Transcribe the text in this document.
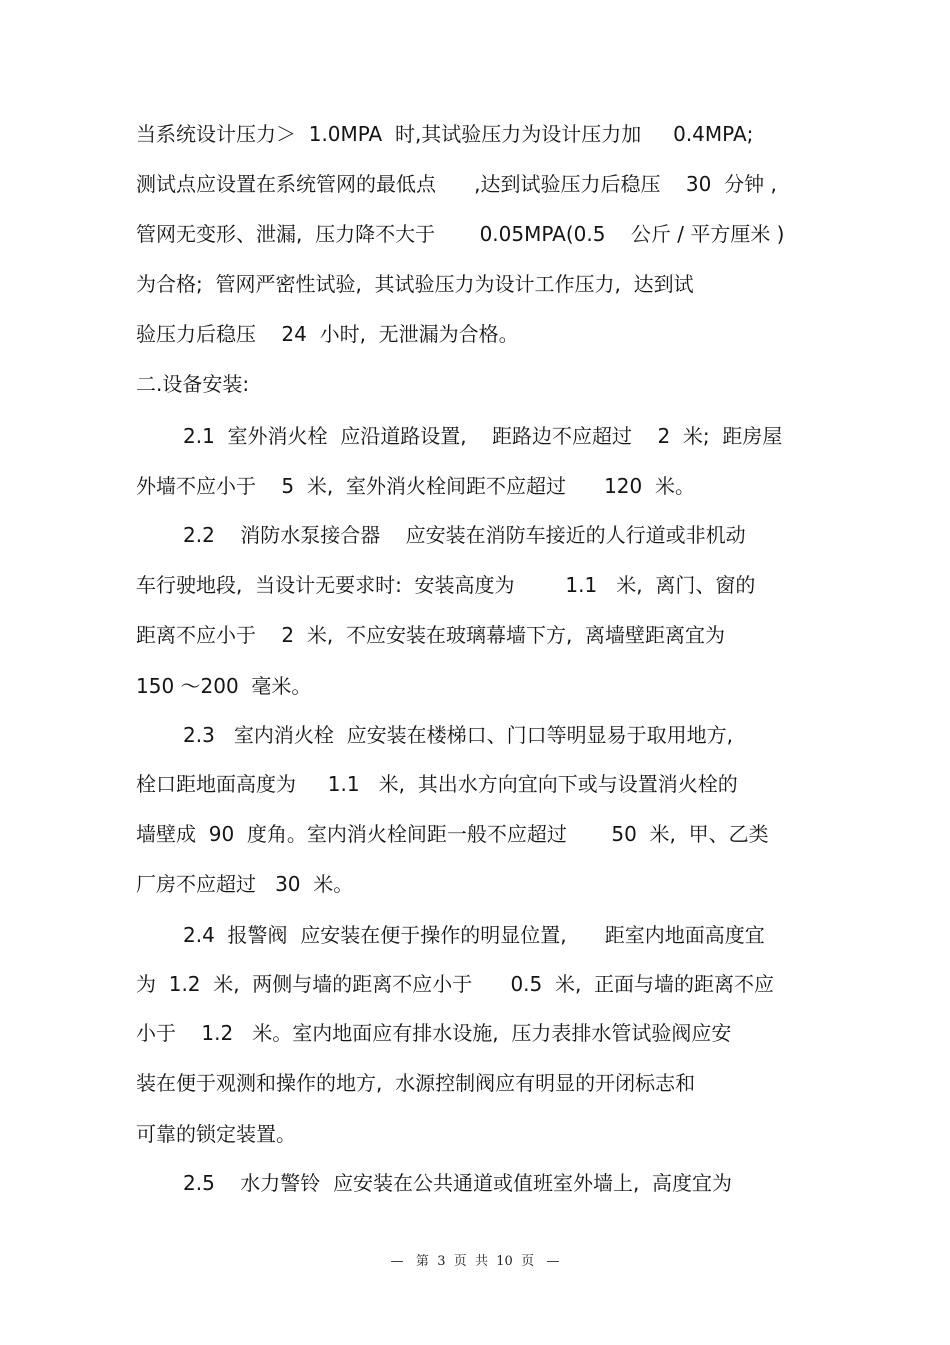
当系统设计压力＞  1.0MPA  时,其试验压力为设计压力加     0.4MPA;
测试点应设置在系统管网的最低点      ,达到试验压力后稳压    30  分钟 ,
管网无变形、泄漏,  压力降不大于       0.05MPA(0.5    公斤 / 平方厘米 )
为合格;  管网严密性试验,  其试验压力为设计工作压力,  达到试
验压力后稳压    24  小时,  无泄漏为合格。
二.设备安装:
2.1  室外消火栓  应沿道路设置,    距路边不应超过    2  米;  距房屋
外墙不应小于    5  米,  室外消火栓间距不应超过      120  米。
2.2    消防水泵接合器    应安装在消防车接近的人行道或非机动
车行驶地段,  当设计无要求时:  安装高度为        1.1   米,  离门、窗的
距离不应小于    2  米,  不应安装在玻璃幕墙下方,  离墙壁距离宜为
150 ～200  毫米。
2.3   室内消火栓  应安装在楼梯口、门口等明显易于取用地方,
栓口距地面高度为     1.1   米,  其出水方向宜向下或与设置消火栓的
墙壁成  90  度角。室内消火栓间距一般不应超过       50  米,  甲、乙类
厂房不应超过   30  米。
2.4  报警阀  应安装在便于操作的明显位置,      距室内地面高度宜
为  1.2  米,  两侧与墙的距离不应小于      0.5  米,  正面与墙的距离不应
小于    1.2   米。室内地面应有排水设施,  压力表排水管试验阀应安
装在便于观测和操作的地方,  水源控制阀应有明显的开闭标志和
可靠的锁定装置。
2.5    水力警铃  应安装在公共通道或值班室外墙上,  高度宜为
—   第  3  页  共  10  页   —
